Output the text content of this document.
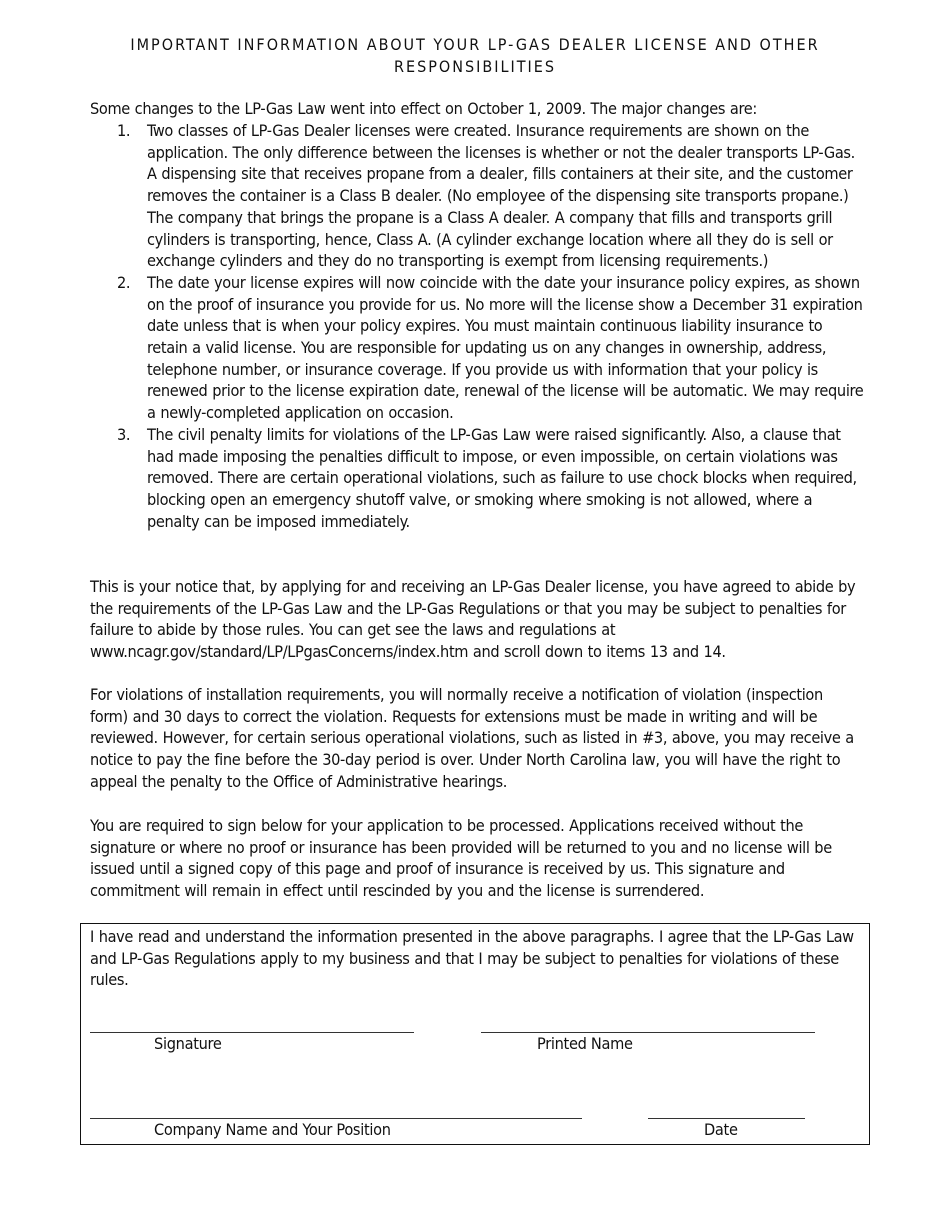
IMPORTANT INFORMATION ABOUT YOUR LP-GAS DEALER LICENSE AND OTHER RESPONSIBILITIES
Some changes to the LP-Gas Law went into effect on October 1, 2009. The major changes are:
1. Two classes of LP-Gas Dealer licenses were created. Insurance requirements are shown on the application. The only difference between the licenses is whether or not the dealer transports LP-Gas. A dispensing site that receives propane from a dealer, fills containers at their site, and the customer removes the container is a Class B dealer. (No employee of the dispensing site transports propane.) The company that brings the propane is a Class A dealer. A company that fills and transports grill cylinders is transporting, hence, Class A. (A cylinder exchange location where all they do is sell or exchange cylinders and they do no transporting is exempt from licensing requirements.)
2. The date your license expires will now coincide with the date your insurance policy expires, as shown on the proof of insurance you provide for us. No more will the license show a December 31 expiration date unless that is when your policy expires. You must maintain continuous liability insurance to retain a valid license. You are responsible for updating us on any changes in ownership, address, telephone number, or insurance coverage. If you provide us with information that your policy is renewed prior to the license expiration date, renewal of the license will be automatic. We may require a newly-completed application on occasion.
3. The civil penalty limits for violations of the LP-Gas Law were raised significantly. Also, a clause that had made imposing the penalties difficult to impose, or even impossible, on certain violations was removed. There are certain operational violations, such as failure to use chock blocks when required, blocking open an emergency shutoff valve, or smoking where smoking is not allowed, where a penalty can be imposed immediately.
This is your notice that, by applying for and receiving an LP-Gas Dealer license, you have agreed to abide by the requirements of the LP-Gas Law and the LP-Gas Regulations or that you may be subject to penalties for failure to abide by those rules. You can get see the laws and regulations at www.ncagr.gov/standard/LP/LPgasConcerns/index.htm and scroll down to items 13 and 14.
For violations of installation requirements, you will normally receive a notification of violation (inspection form) and 30 days to correct the violation. Requests for extensions must be made in writing and will be reviewed. However, for certain serious operational violations, such as listed in #3, above, you may receive a notice to pay the fine before the 30-day period is over. Under North Carolina law, you will have the right to appeal the penalty to the Office of Administrative hearings.
You are required to sign below for your application to be processed. Applications received without the signature or where no proof or insurance has been provided will be returned to you and no license will be issued until a signed copy of this page and proof of insurance is received by us. This signature and commitment will remain in effect until rescinded by you and the license is surrendered.
I have read and understand the information presented in the above paragraphs. I agree that the LP-Gas Law and LP-Gas Regulations apply to my business and that I may be subject to penalties for violations of these rules.
Signature	Printed Name
Company Name and Your Position	Date
